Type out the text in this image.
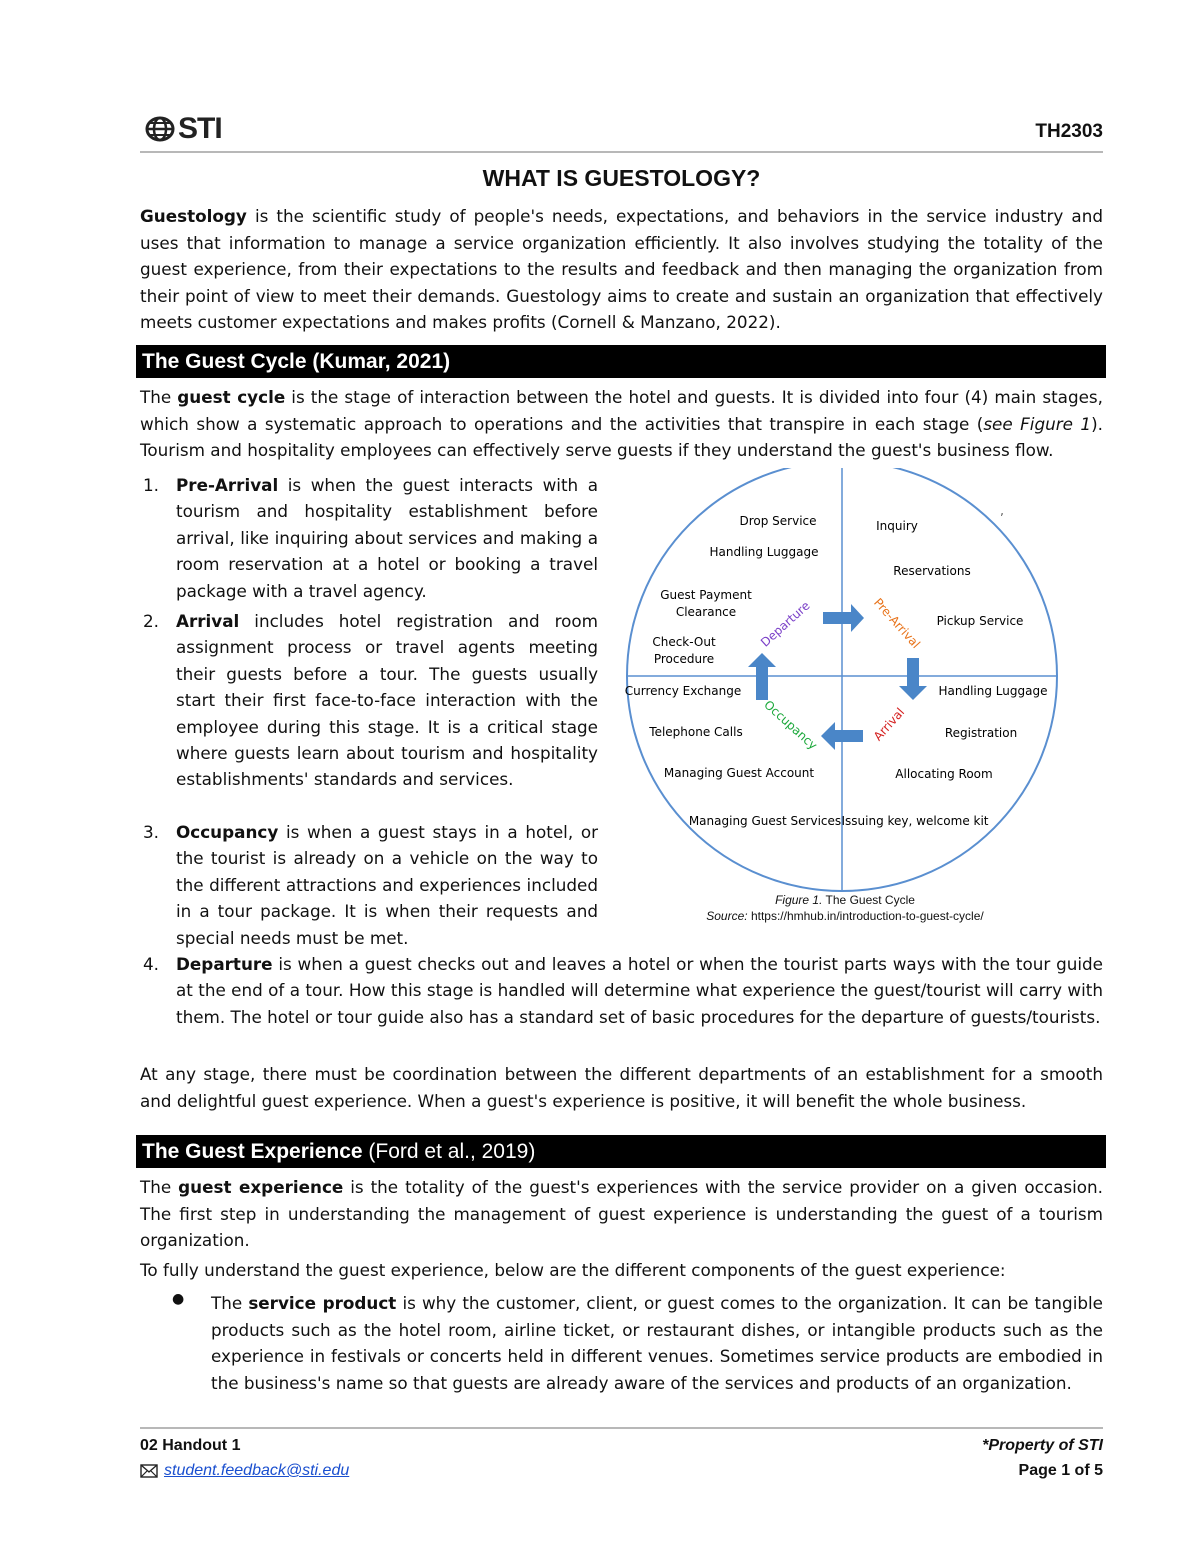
STI	TH2303
WHAT IS GUESTOLOGY?
Guestology is the scientific study of people's needs, expectations, and behaviors in the service industry and uses that information to manage a service organization efficiently. It also involves studying the totality of the guest experience, from their expectations to the results and feedback and then managing the organization from their point of view to meet their demands. Guestology aims to create and sustain an organization that effectively meets customer expectations and makes profits (Cornell & Manzano, 2022).
The Guest Cycle (Kumar, 2021)
The guest cycle is the stage of interaction between the hotel and guests. It is divided into four (4) main stages, which show a systematic approach to operations and the activities that transpire in each stage (see Figure 1). Tourism and hospitality employees can effectively serve guests if they understand the guest's business flow.
1. Pre-Arrival is when the guest interacts with a tourism and hospitality establishment before arrival, like inquiring about services and making a room reservation at a hotel or booking a travel package with a travel agency.
2. Arrival includes hotel registration and room assignment process or travel agents meeting their guests before a tour. The guests usually start their first face-to-face interaction with the employee during this stage. It is a critical stage where guests learn about tourism and hospitality establishments' standards and services.
3. Occupancy is when a guest stays in a hotel, or the tourist is already on a vehicle on the way to the different attractions and experiences included in a tour package. It is when their requests and special needs must be met.
4. Departure is when a guest checks out and leaves a hotel or when the tourist parts ways with the tour guide at the end of a tour. How this stage is handled will determine what experience the guest/tourist will carry with them. The hotel or tour guide also has a standard set of basic procedures for the departure of guests/tourists.
ʼ
Drop Service
Handling Luggage
Guest Payment
Clearance
Check-Out
Procedure
Inquiry
Reservations
Pickup Service
Currency Exchange
Telephone Calls
Managing Guest Account
Managing Guest Services
Handling Luggage
Registration
Allocating Room
Issuing key, welcome kit
Departure	Pre-Arrival
Arrival
Occupancy
Figure 1. The Guest Cycle
Source: https://hmhub.in/introduction-to-guest-cycle/
At any stage, there must be coordination between the different departments of an establishment for a smooth and delightful guest experience. When a guest's experience is positive, it will benefit the whole business.
The Guest Experience (Ford et al., 2019)
The guest experience is the totality of the guest's experiences with the service provider on a given occasion. The first step in understanding the management of guest experience is understanding the guest of a tourism organization.
To fully understand the guest experience, below are the different components of the guest experience:
● The service product is why the customer, client, or guest comes to the organization. It can be tangible products such as the hotel room, airline ticket, or restaurant dishes, or intangible products such as the experience in festivals or concerts held in different venues. Sometimes service products are embodied in the business's name so that guests are already aware of the services and products of an organization.
02 Handout 1
student.feedback@sti.edu
*Property of STI
Page 1 of 5
